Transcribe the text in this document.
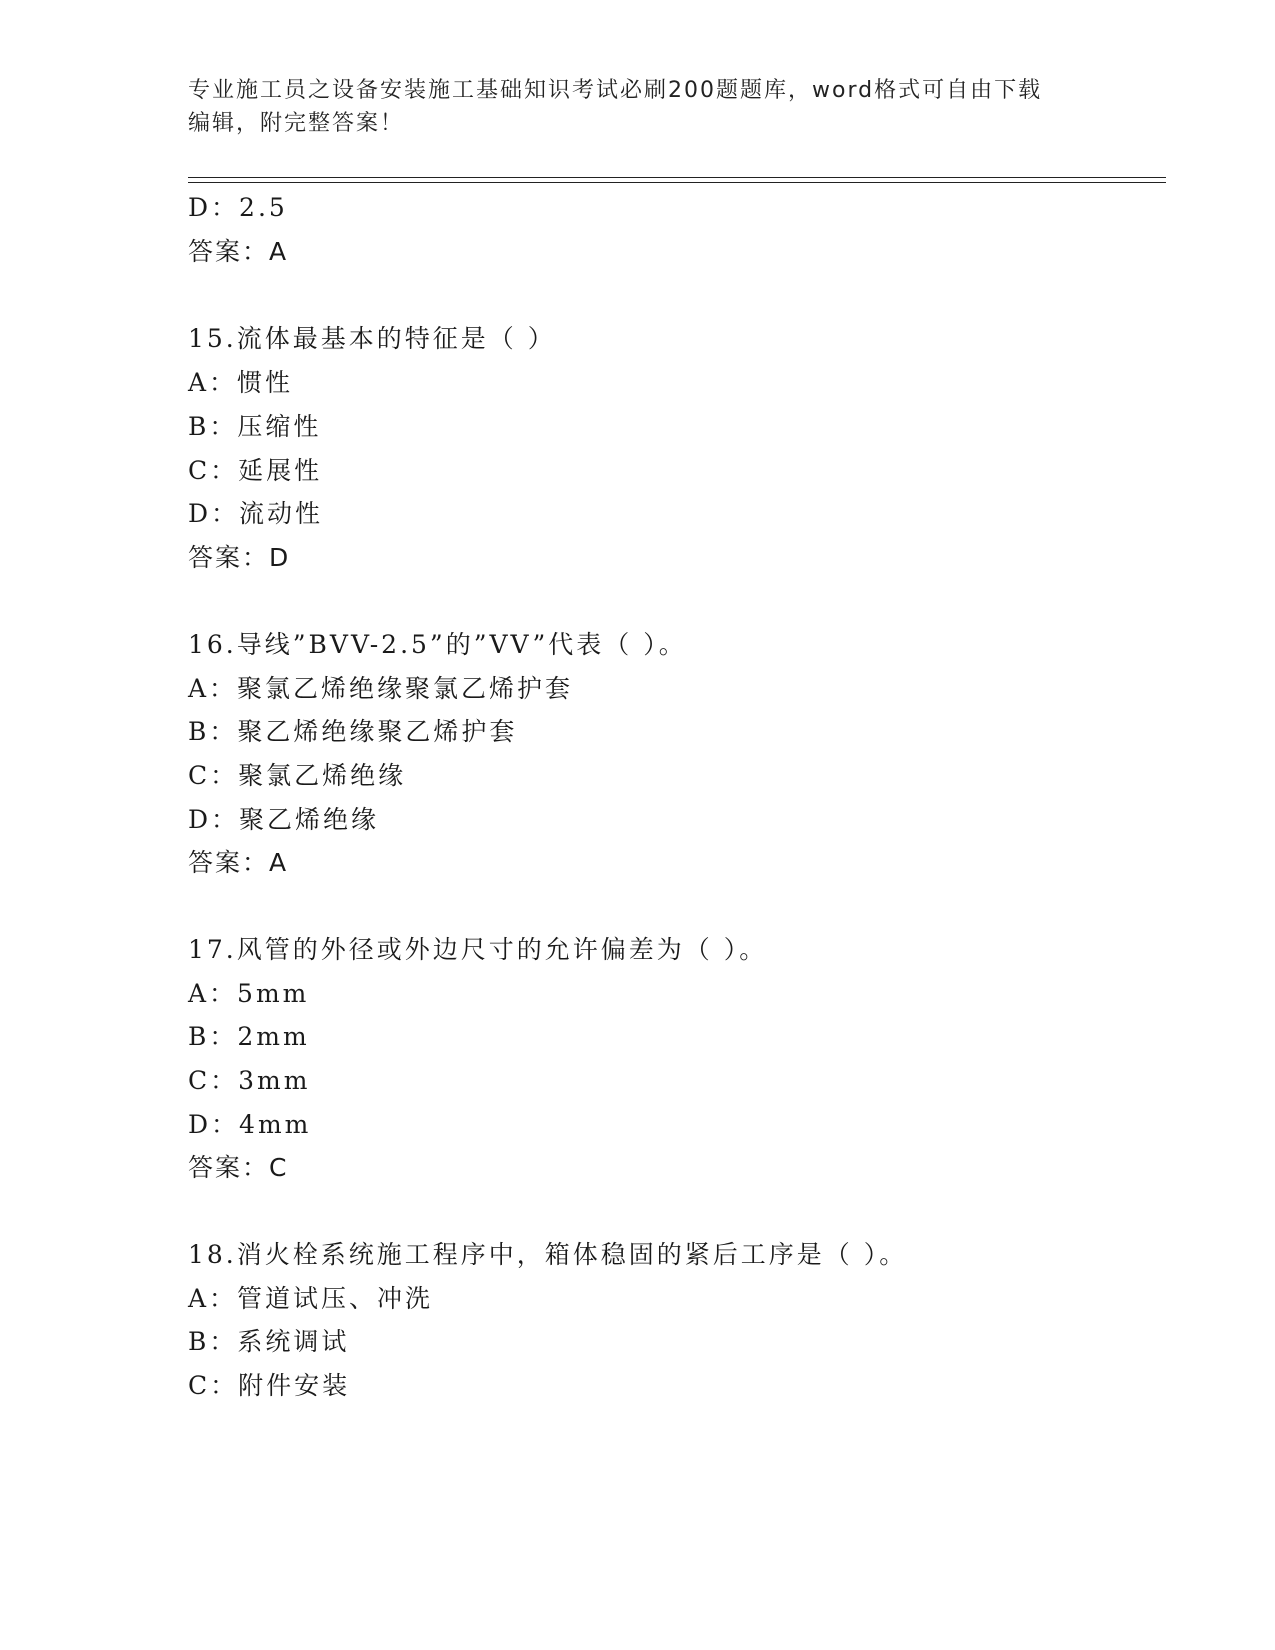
专业施工员之设备安装施工基础知识考试必刷200题题库，word格式可自由下载
编辑，附完整答案！
D：2.5
答案：A
15.流体最基本的特征是（ ）
A：惯性
B：压缩性
C：延展性
D：流动性
答案：D
16.导线”BVV-2.5”的”VV”代表（ ）。
A：聚氯乙烯绝缘聚氯乙烯护套
B：聚乙烯绝缘聚乙烯护套
C：聚氯乙烯绝缘
D：聚乙烯绝缘
答案：A
17.风管的外径或外边尺寸的允许偏差为（ ）。
A：5mm
B：2mm
C：3mm
D：4mm
答案：C
18.消火栓系统施工程序中，箱体稳固的紧后工序是（ ）。
A：管道试压、冲洗
B：系统调试
C：附件安装
